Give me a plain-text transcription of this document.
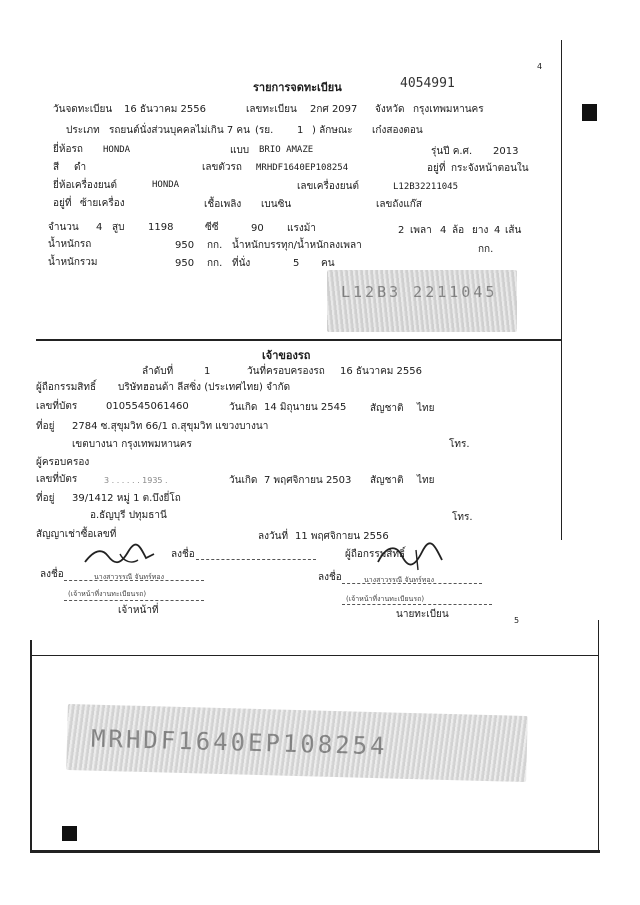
รายการจดทะเบียน	4054991
4
วันจดทะเบียน 16 ธันวาคม 2556	เลขทะเบียน 2กศ 2097 จังหวัด กรุงเทพมหานคร
ประเภท รถยนต์นั่งส่วนบุคคลไม่เกิน 7 คน (รย. 1 ) ลักษณะ เก๋งสองตอน
ยี่ห้อรถ HONDA	แบบ BRIO AMAZE	รุ่นปี ค.ศ. 2013
สี ดำ	เลขตัวรถ MRHDF1640EP108254	อยู่ที่ กระจังหน้าตอนใน
ยี่ห้อเครื่องยนต์	HONDA	เลขเครื่องยนต์	L12B32211045
อยู่ที่ ซ้ายเครื่อง	เชื้อเพลิง เบนซิน	เลขถังแก๊ส
จำนวน 4 สูบ 1198	ซีซี	90 แรงม้า	2 เพลา 4 ล้อ ยาง 4 เส้น
น้ำหนักรถ	950 กก. น้ำหนักบรรทุก/น้ำหนักลงเพลา	กก.
น้ำหนักรวม	950 กก. ที่นั่ง	5 คน
L12B3 2211045
เจ้าของรถ
ลำดับที่	1	วันที่ครอบครองรถ 16 ธันวาคม 2556
ผู้ถือกรรมสิทธิ์ บริษัทฮอนด้า ลีสซิ่ง (ประเทศไทย) จำกัด
เลขที่บัตร	0105545061460	วันเกิด 14 มิถุนายน 2545 สัญชาติ ไทย
ที่อยู่ 2784 ซ.สุขุมวิท 66/1 ถ.สุขุมวิท แขวงบางนา
เขตบางนา กรุงเทพมหานคร	โทร.
ผู้ครอบครอง
เลขที่บัตร	3 . . . . . . 1935 .	วันเกิด 7 พฤศจิกายน 2503 สัญชาติ ไทย
ที่อยู่ 39/1412 หมู่ 1 ต.บึงยี่โถ
อ.ธัญบุรี ปทุมธานี	โทร.
สัญญาเช่าซื้อเลขที่	ลงวันที่ 11 พฤศจิกายน 2556
ลงชื่อ	ผู้ถือกรรมสิทธิ์
ลงชื่อ	นางสาวรรณี จันทร์ทอง	ลงชื่อ	นางสาวรรณี จันทร์ทอง
(เจ้าหน้าที่งานทะเบียนรถ)
(เจ้าหน้าที่งานทะเบียนรถ)
เจ้าหน้าที่	นายทะเบียน
5
MRHDF1640EP108254
